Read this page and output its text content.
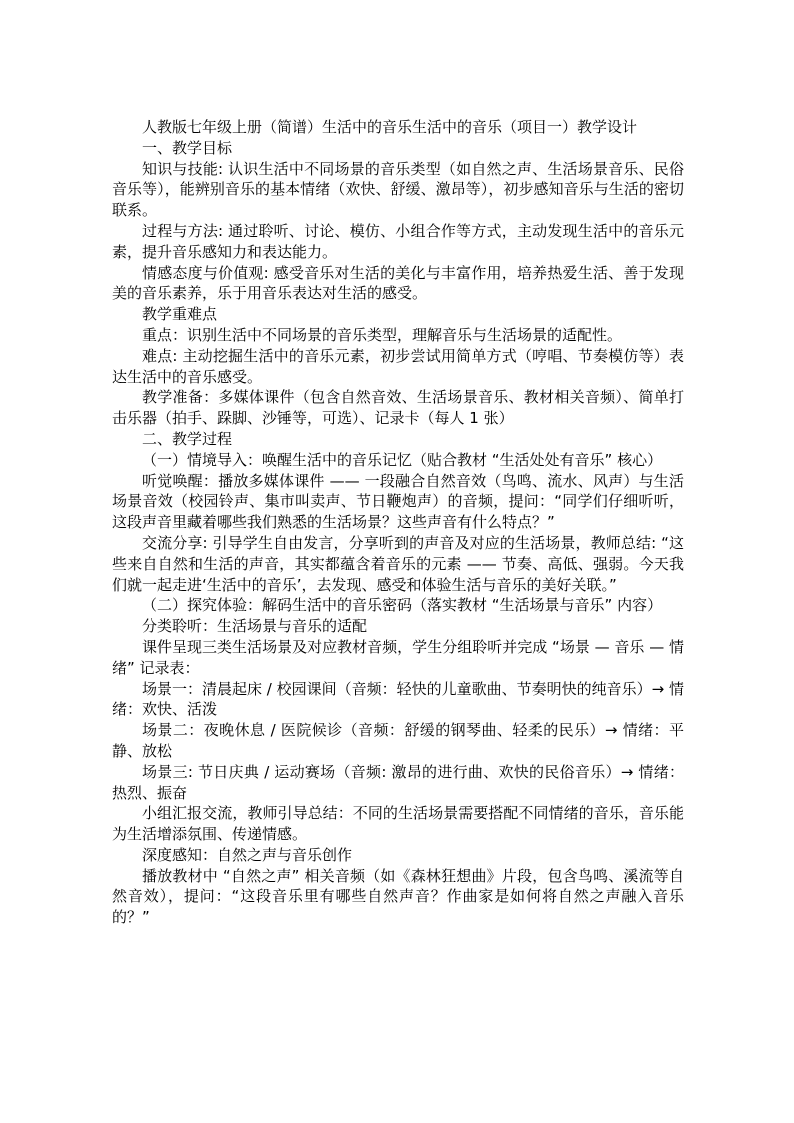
人教版七年级上册（简谱）生活中的音乐生活中的音乐（项目一）教学设计

一、教学目标

知识与技能: 认识生活中不同场景的音乐类型（如自然之声、生活场景音乐、民俗音乐等），能辨别音乐的基本情绪（欢快、舒缓、激昂等），初步感知音乐与生活的密切联系。

过程与方法: 通过聆听、讨论、模仿、小组合作等方式，主动发现生活中的音乐元素，提升音乐感知力和表达能力。

情感态度与价值观: 感受音乐对生活的美化与丰富作用，培养热爱生活、善于发现美的音乐素养，乐于用音乐表达对生活的感受。

教学重难点

重点：识别生活中不同场景的音乐类型，理解音乐与生活场景的适配性。

难点: 主动挖掘生活中的音乐元素，初步尝试用简单方式（哼唱、节奏模仿等）表达生活中的音乐感受。

教学准备：多媒体课件（包含自然音效、生活场景音乐、教材相关音频）、简单打击乐器（拍手、跺脚、沙锤等，可选）、记录卡（每人 1 张）

二、教学过程

（一）情境导入：唤醒生活中的音乐记忆（贴合教材 “生活处处有音乐” 核心）

听觉唤醒：播放多媒体课件 —— 一段融合自然音效（鸟鸣、流水、风声）与生活场景音效（校园铃声、集市叫卖声、节日鞭炮声）的音频，提问：“同学们仔细听听，这段声音里藏着哪些我们熟悉的生活场景？这些声音有什么特点？”

交流分享: 引导学生自由发言，分享听到的声音及对应的生活场景，教师总结: “这些来自自然和生活的声音，其实都蕴含着音乐的元素 —— 节奏、高低、强弱。今天我们就一起走进‘生活中的音乐’，去发现、感受和体验生活与音乐的美好关联。”

（二）探究体验：解码生活中的音乐密码（落实教材 “生活场景与音乐” 内容）

分类聆听：生活场景与音乐的适配

课件呈现三类生活场景及对应教材音频，学生分组聆听并完成 “场景 — 音乐 — 情绪” 记录表：

场景一：清晨起床 / 校园课间（音频：轻快的儿童歌曲、节奏明快的纯音乐）→ 情绪：欢快、活泼

场景二：夜晚休息 / 医院候诊（音频：舒缓的钢琴曲、轻柔的民乐）→ 情绪：平静、放松

场景三: 节日庆典 / 运动赛场（音频: 激昂的进行曲、欢快的民俗音乐）→ 情绪：热烈、振奋

小组汇报交流，教师引导总结：不同的生活场景需要搭配不同情绪的音乐，音乐能为生活增添氛围、传递情感。

深度感知：自然之声与音乐创作

播放教材中 “自然之声” 相关音频（如《森林狂想曲》片段，包含鸟鸣、溪流等自然音效），提问：“这段音乐里有哪些自然声音？作曲家是如何将自然之声融入音乐的？”
